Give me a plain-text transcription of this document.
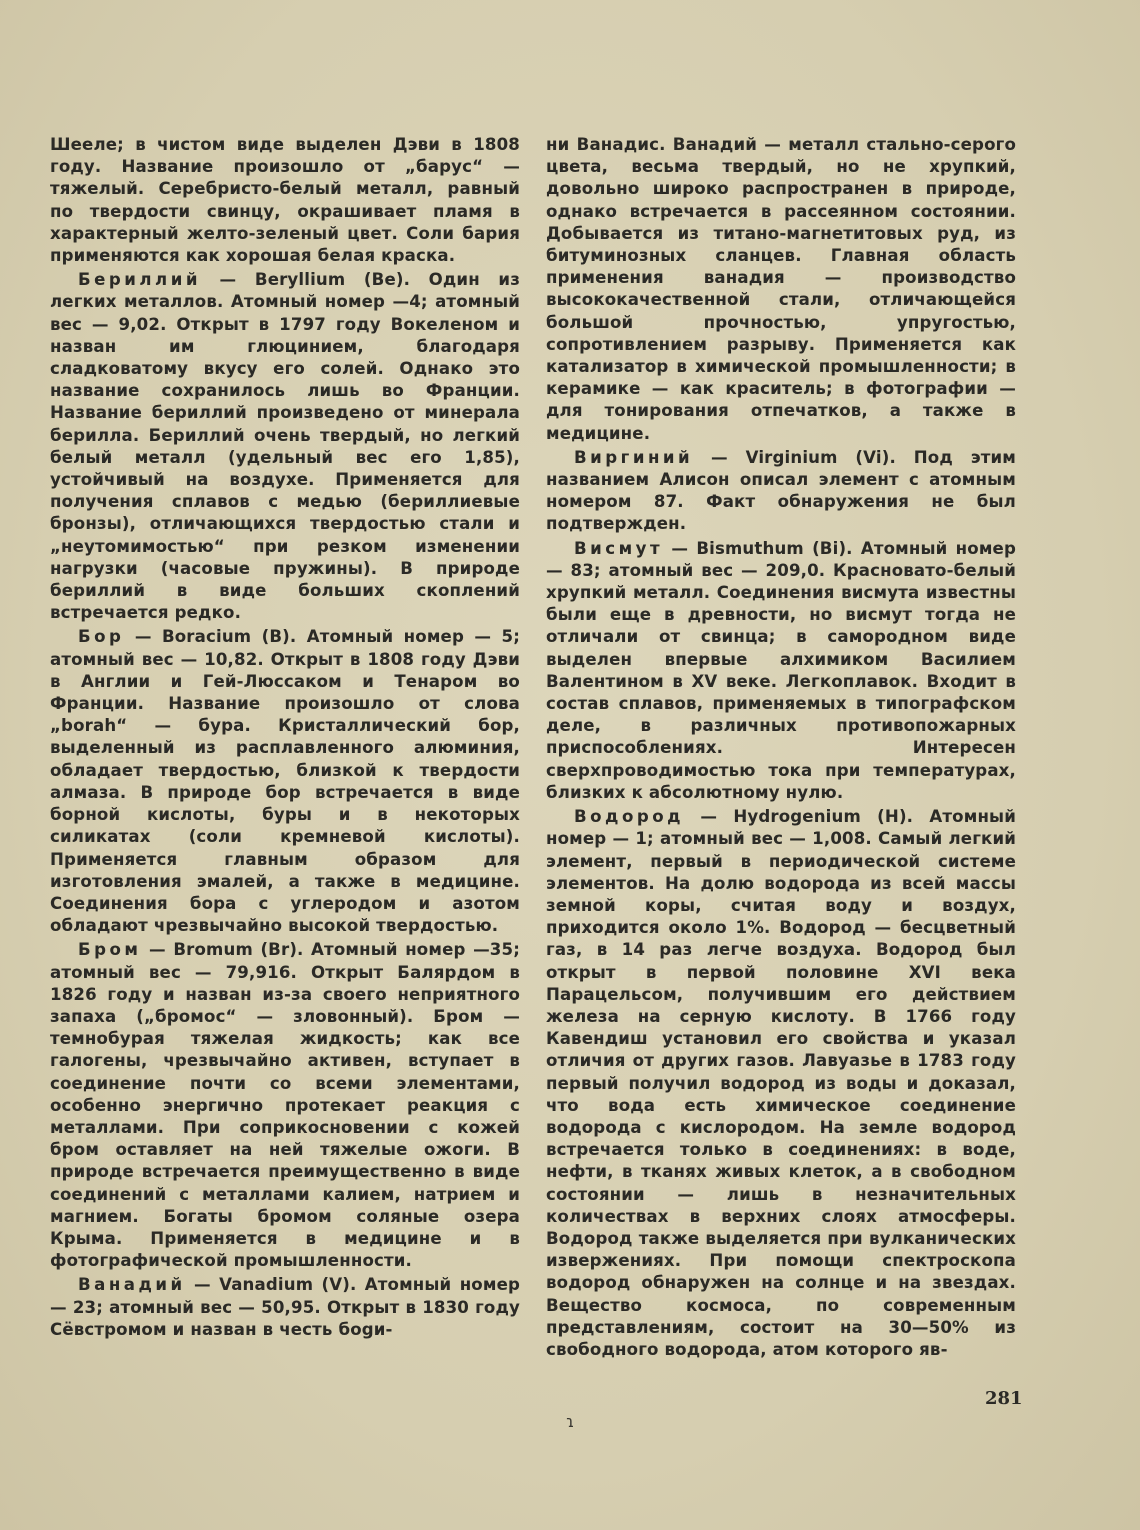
Шееле; в чистом виде выделен Дэви в 1808 году. Название произошло от „барус“ — тяжелый. Серебристо-белый металл, равный по твердости свинцу, окрашивает пламя в характерный желто-зеленый цвет. Соли бария применяются как хорошая белая краска.

Бериллий — Beryllium (Be). Один из легких металлов. Атомный номер —4; атомный вес — 9,02. Открыт в 1797 году Вокеленом и назван им глюцинием, благодаря сладковатому вкусу его солей. Однако это название сохранилось лишь во Франции. Название бериллий произведено от минерала берилла. Бериллий очень твердый, но легкий белый металл (удельный вес его 1,85), устойчивый на воздухе. Применяется для получения сплавов с медью (бериллиевые бронзы), отличающихся твердостью стали и „неутомимостью“ при резком изменении нагрузки (часовые пружины). В природе бериллий в виде больших скоплений встречается редко.

Бор — Boracium (B). Атомный номер — 5; атомный вес — 10,82. Открыт в 1808 году Дэви в Англии и Гей-Люссаком и Тенаром во Франции. Название произошло от слова „borah“ — бура. Кристаллический бор, выделенный из расплавленного алюминия, обладает твердостью, близкой к твердости алмаза. В природе бор встречается в виде борной кислоты, буры и в некоторых силикатах (соли кремневой кислоты). Применяется главным образом для изготовления эмалей, а также в медицине. Соединения бора с углеродом и азотом обладают чрезвычайно высокой твердостью.

Бром — Bromum (Br). Атомный номер —35; атомный вес — 79,916. Открыт Балярдом в 1826 году и назван из-за своего неприятного запаха („бромос“ — зловонный). Бром — темнобурая тяжелая жидкость; как все галогены, чрезвычайно активен, вступает в соединение почти со всеми элементами, особенно энергично протекает реакция с металлами. При соприкосновении с кожей бром оставляет на ней тяжелые ожоги. В природе встречается преимущественно в виде соединений с металлами калием, натрием и магнием. Богаты бромом соляные озера Крыма. Применяется в медицине и в фотографической промышленности.

Ванадий — Vanadium (V). Атомный номер — 23; атомный вес — 50,95. Открыт в 1830 году Сёвстромом и назван в честь бogи-

ни Ванадис. Ванадий — металл стально-серого цвета, весьма твердый, но не хрупкий, довольно широко распространен в природе, однако встречается в рассеянном состоянии. Добывается из титано-магнетитовых руд, из битуминозных сланцев. Главная область применения ванадия — производство высококачественной стали, отличающейся большой прочностью, упругостью, сопротивлением разрыву. Применяется как катализатор в химической промышленности; в керамике — как краситель; в фотографии — для тонирования отпечатков, а также в медицине.

Виргиний — Virginium (Vi). Под этим названием Алисон описал элемент с атомным номером 87. Факт обнаружения не был подтвержден.

Висмут — Bismuthum (Bi). Атомный номер — 83; атомный вес — 209,0. Красновато-белый хрупкий металл. Соединения висмута известны были еще в древности, но висмут тогда не отличали от свинца; в самородном виде выделен впервые алхимиком Василием Валентином в XV веке. Легкоплавок. Входит в состав сплавов, применяемых в типографском деле, в различных противопожарных приспособлениях. Интересен сверхпроводимостью тока при температурах, близких к абсолютному нулю.

Водород — Hydrogenium (H). Атомный номер — 1; атомный вес — 1,008. Самый легкий элемент, первый в периодической системе элементов. На долю водорода из всей массы земной коры, считая воду и воздух, приходится около 1%. Водород — бесцветный газ, в 14 раз легче воздуха. Водород был открыт в первой половине XVI века Парацельсом, получившим его действием железа на серную кислоту. В 1766 году Кавендиш установил его свойства и указал отличия от других газов. Лавуазье в 1783 году первый получил водород из воды и доказал, что вода есть химическое соединение водорода с кислородом. На земле водород встречается только в соединениях: в воде, нефти, в тканях живых клеток, а в свободном состоянии — лишь в незначительных количествах в верхних слоях атмосферы. Водород также выделяется при вулканических извержениях. При помощи спектроскопа водород обнаружен на солнце и на звездах. Вещество космоса, по современным представлениям, состоит на 30—50% из свободного водорода, атом которого яв-

281
ɿ
